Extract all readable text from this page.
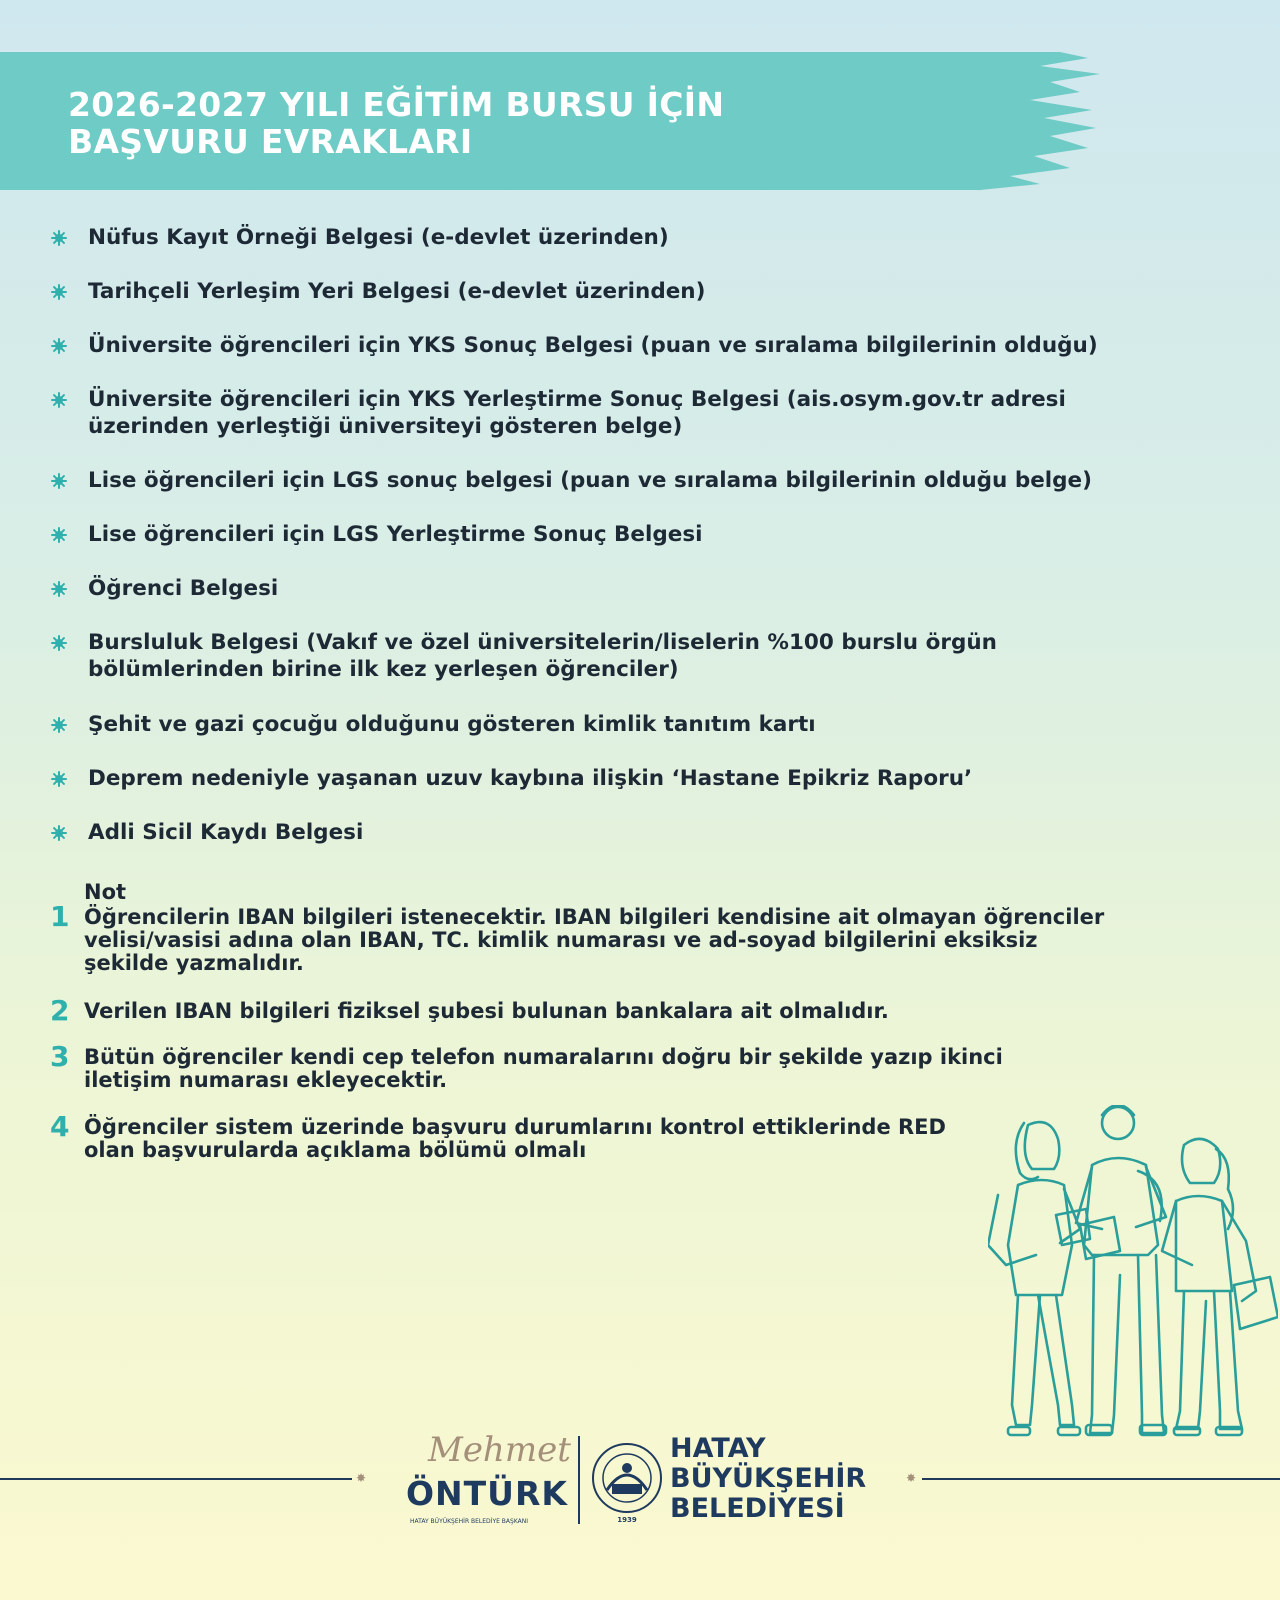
2026-2027 YILI EĞİTİM BURSU İÇİN
BAŞVURU EVRAKLARI
Nüfus Kayıt Örneği Belgesi (e-devlet üzerinden)
Tarihçeli Yerleşim Yeri Belgesi (e-devlet üzerinden)
Üniversite öğrencileri için YKS Sonuç Belgesi (puan ve sıralama bilgilerinin olduğu)
Üniversite öğrencileri için YKS Yerleştirme Sonuç Belgesi (ais.osym.gov.tr adresi üzerinden yerleştiği üniversiteyi gösteren belge)
Lise öğrencileri için LGS sonuç belgesi (puan ve sıralama bilgilerinin olduğu belge)
Lise öğrencileri için LGS Yerleştirme Sonuç Belgesi
Öğrenci Belgesi
Bursluluk Belgesi (Vakıf ve özel üniversitelerin/liselerin %100 burslu örgün bölümlerinden birine ilk kez yerleşen öğrenciler)
Şehit ve gazi çocuğu olduğunu gösteren kimlik tanıtım kartı
Deprem nedeniyle yaşanan uzuv kaybına ilişkin ‘Hastane Epikriz Raporu’
Adli Sicil Kaydı Belgesi
Not
1 Öğrencilerin IBAN bilgileri istenecektir. IBAN bilgileri kendisine ait olmayan öğrenciler velisi/vasisi adına olan IBAN, TC. kimlik numarası ve ad-soyad bilgilerini eksiksiz şekilde yazmalıdır.
2 Verilen IBAN bilgileri fiziksel şubesi bulunan bankalara ait olmalıdır.
3 Bütün öğrenciler kendi cep telefon numaralarını doğru bir şekilde yazıp ikinci iletişim numarası ekleyecektir.
4 Öğrenciler sistem üzerinde başvuru durumlarını kontrol ettiklerinde RED olan başvurularda açıklama bölümü olmalı
✸	✸
Mehmet
ÖNTÜRK
HATAY BÜYÜKŞEHİR BELEDİYE BAŞKANI	1939
HATAY
BÜYÜKŞEHİR
BELEDİYESİ
